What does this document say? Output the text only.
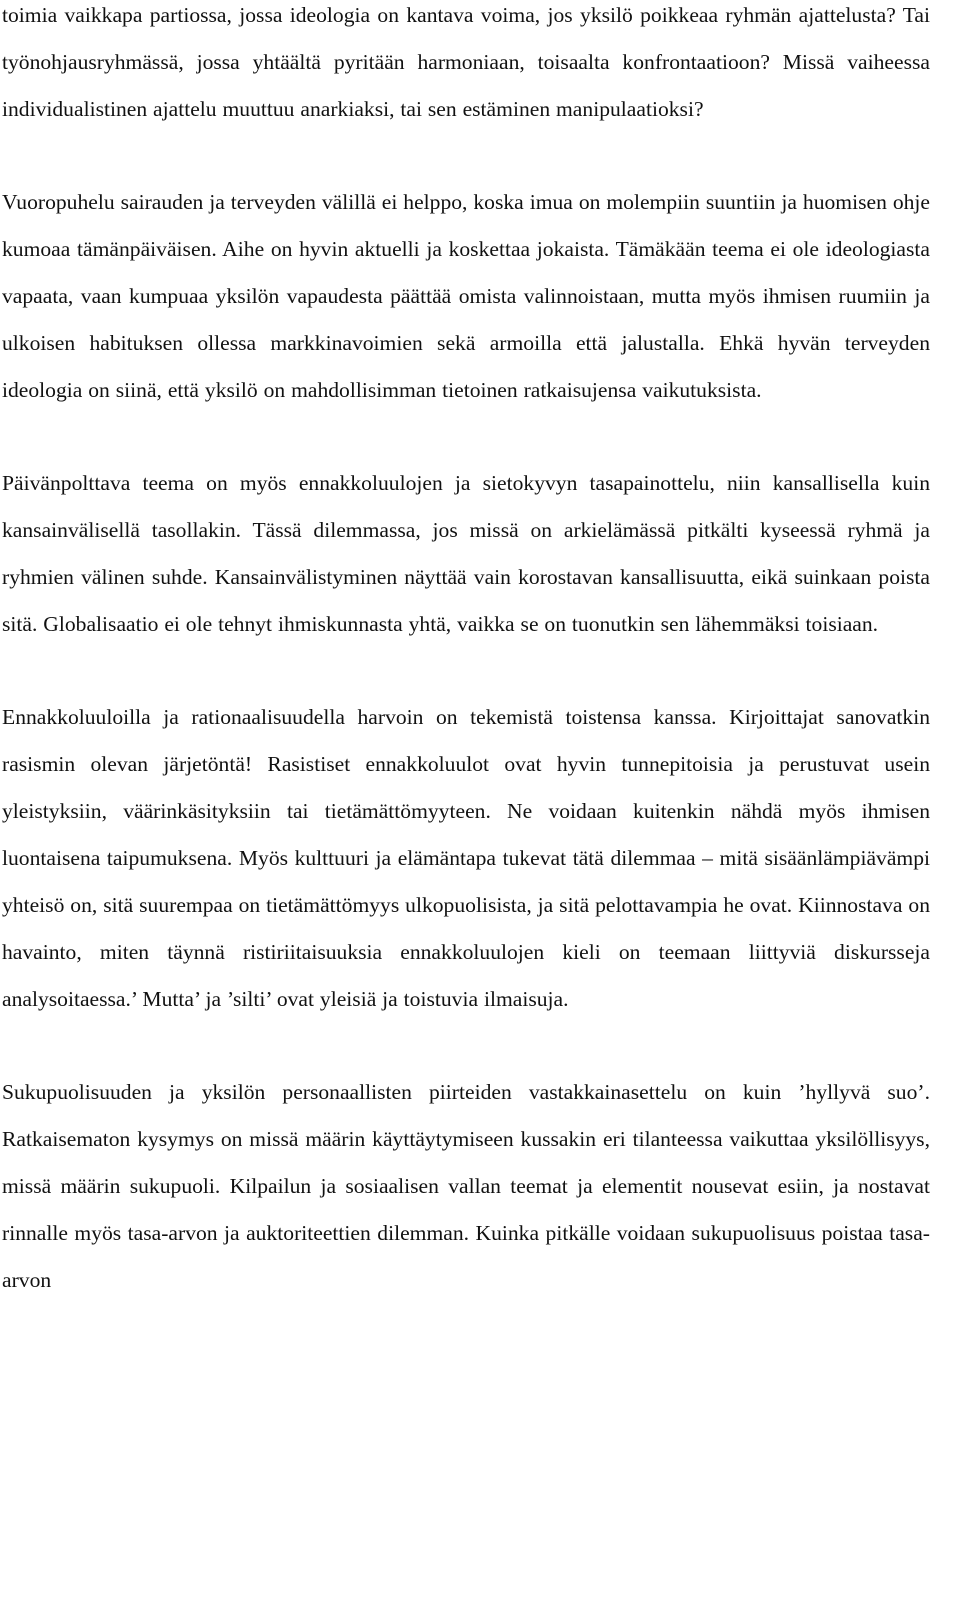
toimia vaikkapa partiossa, jossa ideologia on kantava voima, jos yksilö poikkeaa ryhmän ajattelusta? Tai työnohjausryhmässä, jossa yhtäältä pyritään harmoniaan, toisaalta konfrontaatioon? Missä vaiheessa individualistinen ajattelu muuttuu anarkiaksi, tai sen estäminen manipulaatioksi?

Vuoropuhelu sairauden ja terveyden välillä ei helppo, koska imua on molempiin suuntiin ja huomisen ohje kumoaa tämänpäiväisen. Aihe on hyvin aktuelli ja koskettaa jokaista. Tämäkään teema ei ole ideologiasta vapaata, vaan kumpuaa yksilön vapaudesta päättää omista valinnoistaan, mutta myös ihmisen ruumiin ja ulkoisen habituksen ollessa markkinavoimien sekä armoilla että jalustalla. Ehkä hyvän terveyden ideologia on siinä, että yksilö on mahdollisimman tietoinen ratkaisujensa vaikutuksista.

Päivänpolttava teema on myös ennakkoluulojen ja sietokyvyn tasapainottelu, niin kansallisella kuin kansainvälisellä tasollakin. Tässä dilemmassa, jos missä on arkielämässä pitkälti kyseessä ryhmä ja ryhmien välinen suhde. Kansainvälistyminen näyttää vain korostavan kansallisuutta, eikä suinkaan poista sitä. Globalisaatio ei ole tehnyt ihmiskunnasta yhtä, vaikka se on tuonutkin sen lähemmäksi toisiaan.

Ennakkoluuloilla ja rationaalisuudella harvoin on tekemistä toistensa kanssa. Kirjoittajat sanovatkin rasismin olevan järjetöntä! Rasistiset ennakkoluulot ovat hyvin tunnepitoisia ja perustuvat usein yleistyksiin, väärinkäsityksiin tai tietämättömyyteen. Ne voidaan kuitenkin nähdä myös ihmisen luontaisena taipumuksena. Myös kulttuuri ja elämäntapa tukevat tätä dilemmaa – mitä sisäänlämpiävämpi yhteisö on, sitä suurempaa on tietämättömyys ulkopuolisista, ja sitä pelottavampia he ovat. Kiinnostava on havainto, miten täynnä ristiriitaisuuksia ennakkoluulojen kieli on teemaan liittyviä diskursseja analysoitaessa.’ Mutta’ ja ’silti’ ovat yleisiä ja toistuvia ilmaisuja.

Sukupuolisuuden ja yksilön personaallisten piirteiden vastakkainasettelu on kuin ’hyllyvä suo’. Ratkaisematon kysymys on missä määrin käyttäytymiseen kussakin eri tilanteessa vaikuttaa yksilöllisyys, missä määrin sukupuoli. Kilpailun ja sosiaalisen vallan teemat ja elementit nousevat esiin, ja nostavat rinnalle myös tasa-arvon ja auktoriteettien dilemman. Kuinka pitkälle voidaan sukupuolisuus poistaa tasa-arvon
